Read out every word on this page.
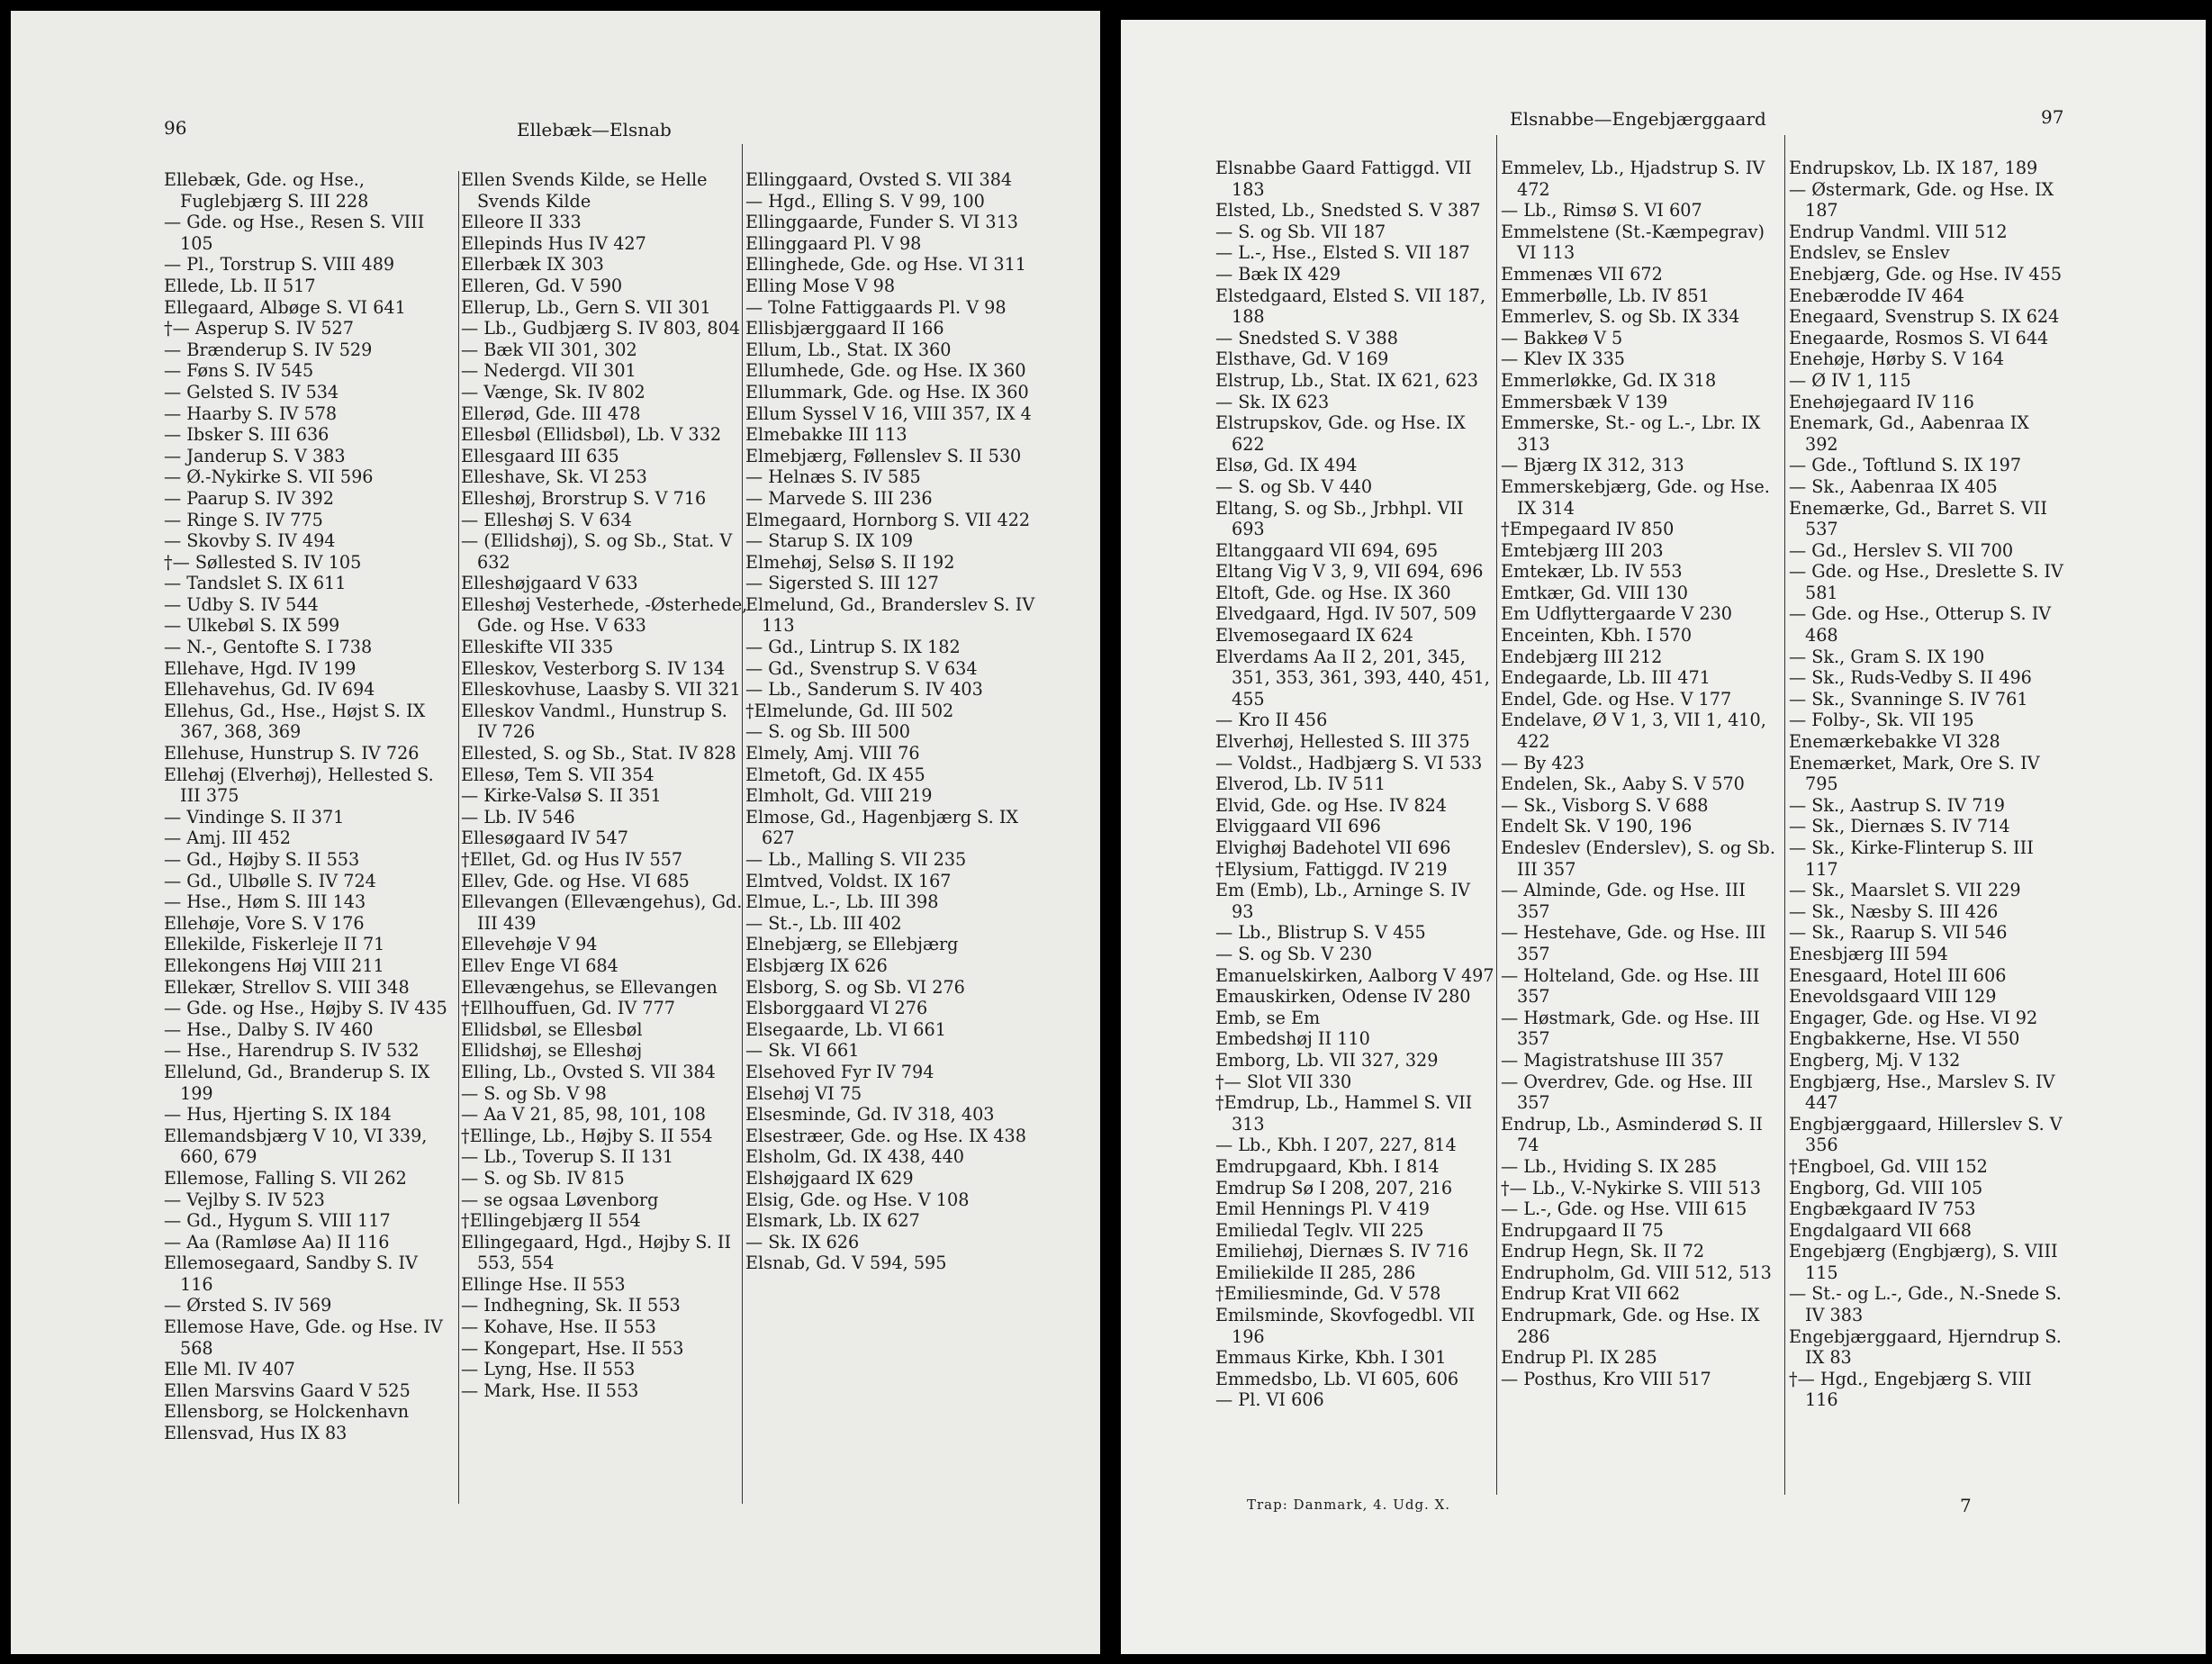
96	Ellebæk—Elsnab
Ellebæk, Gde. og Hse., Fuglebjærg S. III 228
— Gde. og Hse., Resen S. VIII 105
— Pl., Torstrup S. VIII 489
Ellede, Lb. II 517
Ellegaard, Albøge S. VI 641
†— Asperup S. IV 527
— Brænderup S. IV 529
— Føns S. IV 545
— Gelsted S. IV 534
— Haarby S. IV 578
— Ibsker S. III 636
— Janderup S. V 383
— Ø.-Nykirke S. VII 596
— Paarup S. IV 392
— Ringe S. IV 775
— Skovby S. IV 494
†— Søllested S. IV 105
— Tandslet S. IX 611
— Udby S. IV 544
— Ulkebøl S. IX 599
— N.-, Gentofte S. I 738
Ellehave, Hgd. IV 199
Ellehavehus, Gd. IV 694
Ellehus, Gd., Hse., Højst S. IX 367, 368, 369
Ellehuse, Hunstrup S. IV 726
Ellehøj (Elverhøj), Hellested S. III 375
— Vindinge S. II 371
— Amj. III 452
— Gd., Højby S. II 553
— Gd., Ulbølle S. IV 724
— Hse., Høm S. III 143
Ellehøje, Vore S. V 176
Ellekilde, Fiskerleje II 71
Ellekongens Høj VIII 211
Ellekær, Strellov S. VIII 348
— Gde. og Hse., Højby S. IV 435
— Hse., Dalby S. IV 460
— Hse., Harendrup S. IV 532
Ellelund, Gd., Branderup S. IX 199
— Hus, Hjerting S. IX 184
Ellemandsbjærg V 10, VI 339, 660, 679
Ellemose, Falling S. VII 262
— Vejlby S. IV 523
— Gd., Hygum S. VIII 117
— Aa (Ramløse Aa) II 116
Ellemosegaard, Sandby S. IV 116
— Ørsted S. IV 569
Ellemose Have, Gde. og Hse. IV 568
Elle Ml. IV 407
Ellen Marsvins Gaard V 525
Ellensborg, se Holckenhavn
Ellensvad, Hus IX 83
Ellen Svends Kilde, se Helle Svends Kilde
Elleore II 333
Ellepinds Hus IV 427
Ellerbæk IX 303
Elleren, Gd. V 590
Ellerup, Lb., Gern S. VII 301
— Lb., Gudbjærg S. IV 803, 804
— Bæk VII 301, 302
— Nedergd. VII 301
— Vænge, Sk. IV 802
Ellerød, Gde. III 478
Ellesbøl (Ellidsbøl), Lb. V 332
Ellesgaard III 635
Elleshave, Sk. VI 253
Elleshøj, Brorstrup S. V 716
— Elleshøj S. V 634
— (Ellidshøj), S. og Sb., Stat. V 632
Elleshøjgaard V 633
Elleshøj Vesterhede, -Østerhede, Gde. og Hse. V 633
Elleskifte VII 335
Elleskov, Vesterborg S. IV 134
Elleskovhuse, Laasby S. VII 321
Elleskov Vandml., Hunstrup S. IV 726
Ellested, S. og Sb., Stat. IV 828
Ellesø, Tem S. VII 354
— Kirke-Valsø S. II 351
— Lb. IV 546
Ellesøgaard IV 547
†Ellet, Gd. og Hus IV 557
Ellev, Gde. og Hse. VI 685
Ellevangen (Ellevængehus), Gd. III 439
Ellevehøje V 94
Ellev Enge VI 684
Ellevængehus, se Ellevangen
†Ellhouffuen, Gd. IV 777
Ellidsbøl, se Ellesbøl
Ellidshøj, se Elleshøj
Elling, Lb., Ovsted S. VII 384
— S. og Sb. V 98
— Aa V 21, 85, 98, 101, 108
†Ellinge, Lb., Højby S. II 554
— Lb., Toverup S. II 131
— S. og Sb. IV 815
— se ogsaa Løvenborg
†Ellingebjærg II 554
Ellingegaard, Hgd., Højby S. II 553, 554
Ellinge Hse. II 553
— Indhegning, Sk. II 553
— Kohave, Hse. II 553
— Kongepart, Hse. II 553
— Lyng, Hse. II 553
— Mark, Hse. II 553
Ellinggaard, Ovsted S. VII 384
— Hgd., Elling S. V 99, 100
Ellinggaarde, Funder S. VI 313
Ellinggaard Pl. V 98
Ellinghede, Gde. og Hse. VI 311
Elling Mose V 98
— Tolne Fattiggaards Pl. V 98
Ellisbjærggaard II 166
Ellum, Lb., Stat. IX 360
Ellumhede, Gde. og Hse. IX 360
Ellummark, Gde. og Hse. IX 360
Ellum Syssel V 16, VIII 357, IX 4
Elmebakke III 113
Elmebjærg, Føllenslev S. II 530
— Helnæs S. IV 585
— Marvede S. III 236
Elmegaard, Hornborg S. VII 422
— Starup S. IX 109
Elmehøj, Selsø S. II 192
— Sigersted S. III 127
Elmelund, Gd., Branderslev S. IV 113
— Gd., Lintrup S. IX 182
— Gd., Svenstrup S. V 634
— Lb., Sanderum S. IV 403
†Elmelunde, Gd. III 502
— S. og Sb. III 500
Elmely, Amj. VIII 76
Elmetoft, Gd. IX 455
Elmholt, Gd. VIII 219
Elmose, Gd., Hagenbjærg S. IX 627
— Lb., Malling S. VII 235
Elmtved, Voldst. IX 167
Elmue, L.-, Lb. III 398
— St.-, Lb. III 402
Elnebjærg, se Ellebjærg
Elsbjærg IX 626
Elsborg, S. og Sb. VI 276
Elsborggaard VI 276
Elsegaarde, Lb. VI 661
— Sk. VI 661
Elsehoved Fyr IV 794
Elsehøj VI 75
Elsesminde, Gd. IV 318, 403
Elsestræer, Gde. og Hse. IX 438
Elsholm, Gd. IX 438, 440
Elshøjgaard IX 629
Elsig, Gde. og Hse. V 108
Elsmark, Lb. IX 627
— Sk. IX 626
Elsnab, Gd. V 594, 595
Elsnabbe—Engebjærggaard	97
Elsnabbe Gaard Fattiggd. VII 183
Elsted, Lb., Snedsted S. V 387
— S. og Sb. VII 187
— L.-, Hse., Elsted S. VII 187
— Bæk IX 429
Elstedgaard, Elsted S. VII 187, 188
— Snedsted S. V 388
Elsthave, Gd. V 169
Elstrup, Lb., Stat. IX 621, 623
— Sk. IX 623
Elstrupskov, Gde. og Hse. IX 622
Elsø, Gd. IX 494
— S. og Sb. V 440
Eltang, S. og Sb., Jrbhpl. VII 693
Eltanggaard VII 694, 695
Eltang Vig V 3, 9, VII 694, 696
Eltoft, Gde. og Hse. IX 360
Elvedgaard, Hgd. IV 507, 509
Elvemosegaard IX 624
Elverdams Aa II 2, 201, 345, 351, 353, 361, 393, 440, 451, 455
— Kro II 456
Elverhøj, Hellested S. III 375
— Voldst., Hadbjærg S. VI 533
Elverod, Lb. IV 511
Elvid, Gde. og Hse. IV 824
Elviggaard VII 696
Elvighøj Badehotel VII 696
†Elysium, Fattiggd. IV 219
Em (Emb), Lb., Arninge S. IV 93
— Lb., Blistrup S. V 455
— S. og Sb. V 230
Emanuelskirken, Aalborg V 497
Emauskirken, Odense IV 280
Emb, se Em
Embedshøj II 110
Emborg, Lb. VII 327, 329
†— Slot VII 330
†Emdrup, Lb., Hammel S. VII 313
— Lb., Kbh. I 207, 227, 814
Emdrupgaard, Kbh. I 814
Emdrup Sø I 208, 207, 216
Emil Hennings Pl. V 419
Emiliedal Teglv. VII 225
Emiliehøj, Diernæs S. IV 716
Emiliekilde II 285, 286
†Emiliesminde, Gd. V 578
Emilsminde, Skovfogedbl. VII 196
Emmaus Kirke, Kbh. I 301
Emmedsbo, Lb. VI 605, 606
— Pl. VI 606
Emmelev, Lb., Hjadstrup S. IV 472
— Lb., Rimsø S. VI 607
Emmelstene (St.-Kæmpegrav) VI 113
Emmenæs VII 672
Emmerbølle, Lb. IV 851
Emmerlev, S. og Sb. IX 334
— Bakkeø V 5
— Klev IX 335
Emmerløkke, Gd. IX 318
Emmersbæk V 139
Emmerske, St.- og L.-, Lbr. IX 313
— Bjærg IX 312, 313
Emmerskebjærg, Gde. og Hse. IX 314
†Empegaard IV 850
Emtebjærg III 203
Emtekær, Lb. IV 553
Emtkær, Gd. VIII 130
Em Udflyttergaarde V 230
Enceinten, Kbh. I 570
Endebjærg III 212
Endegaarde, Lb. III 471
Endel, Gde. og Hse. V 177
Endelave, Ø V 1, 3, VII 1, 410, 422
— By 423
Endelen, Sk., Aaby S. V 570
— Sk., Visborg S. V 688
Endelt Sk. V 190, 196
Endeslev (Enderslev), S. og Sb. III 357
— Alminde, Gde. og Hse. III 357
— Hestehave, Gde. og Hse. III 357
— Holteland, Gde. og Hse. III 357
— Høstmark, Gde. og Hse. III 357
— Magistratshuse III 357
— Overdrev, Gde. og Hse. III 357
Endrup, Lb., Asminderød S. II 74
— Lb., Hviding S. IX 285
†— Lb., V.-Nykirke S. VIII 513
— L.-, Gde. og Hse. VIII 615
Endrupgaard II 75
Endrup Hegn, Sk. II 72
Endrupholm, Gd. VIII 512, 513
Endrup Krat VII 662
Endrupmark, Gde. og Hse. IX 286
Endrup Pl. IX 285
— Posthus, Kro VIII 517
Endrupskov, Lb. IX 187, 189
— Østermark, Gde. og Hse. IX 187
Endrup Vandml. VIII 512
Endslev, se Enslev
Enebjærg, Gde. og Hse. IV 455
Enebærodde IV 464
Enegaard, Svenstrup S. IX 624
Enegaarde, Rosmos S. VI 644
Enehøje, Hørby S. V 164
— Ø IV 1, 115
Enehøjegaard IV 116
Enemark, Gd., Aabenraa IX 392
— Gde., Toftlund S. IX 197
— Sk., Aabenraa IX 405
Enemærke, Gd., Barret S. VII 537
— Gd., Herslev S. VII 700
— Gde. og Hse., Dreslette S. IV 581
— Gde. og Hse., Otterup S. IV 468
— Sk., Gram S. IX 190
— Sk., Ruds-Vedby S. II 496
— Sk., Svanninge S. IV 761
— Folby-, Sk. VII 195
Enemærkebakke VI 328
Enemærket, Mark, Ore S. IV 795
— Sk., Aastrup S. IV 719
— Sk., Diernæs S. IV 714
— Sk., Kirke-Flinterup S. III 117
— Sk., Maarslet S. VII 229
— Sk., Næsby S. III 426
— Sk., Raarup S. VII 546
Enesbjærg III 594
Enesgaard, Hotel III 606
Enevoldsgaard VIII 129
Engager, Gde. og Hse. VI 92
Engbakkerne, Hse. VI 550
Engberg, Mj. V 132
Engbjærg, Hse., Marslev S. IV 447
Engbjærggaard, Hillerslev S. V 356
†Engboel, Gd. VIII 152
Engborg, Gd. VIII 105
Engbækgaard IV 753
Engdalgaard VII 668
Engebjærg (Engbjærg), S. VIII 115
— St.- og L.-, Gde., N.-Snede S. IV 383
Engebjærggaard, Hjerndrup S. IX 83
†— Hgd., Engebjærg S. VIII 116
Trap: Danmark, 4. Udg. X.	7
